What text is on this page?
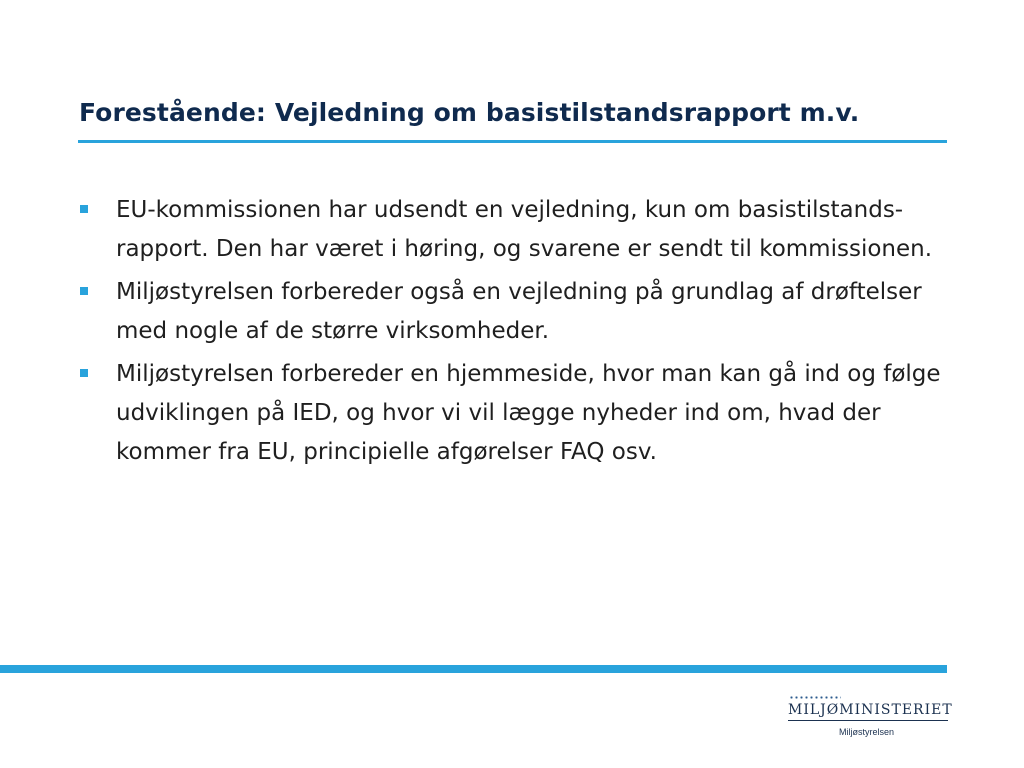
Forestående: Vejledning om basistilstandsrapport m.v.
EU-kommissionen har udsendt en vejledning, kun om basistilstands-rapport. Den har været i høring, og svarene er sendt til kommissionen.
Miljøstyrelsen forbereder også en vejledning på grundlag af drøftelser med nogle af de større virksomheder.
Miljøstyrelsen forbereder en hjemmeside, hvor man kan gå ind og følge udviklingen på IED, og hvor vi vil lægge nyheder ind om, hvad der kommer fra EU, principielle afgørelser FAQ osv.
MILJØMINISTERIET
Miljøstyrelsen
